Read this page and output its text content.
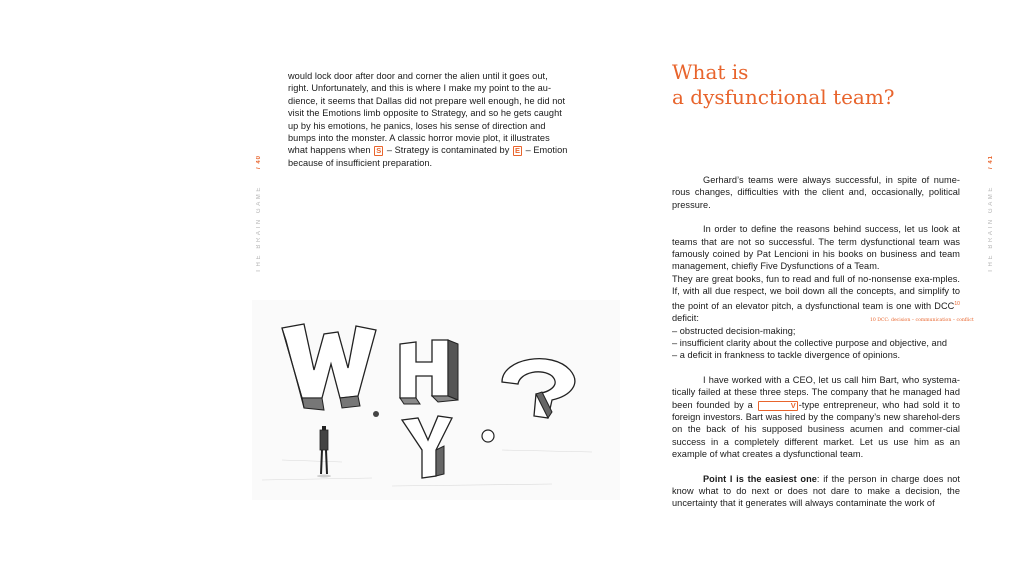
THE BRAIN GAME
/ 40

would lock door after door and corner the alien until it goes out,

right. Unfortunately, and this is where I make my point to the au-

dience, it seems that Dallas did not prepare well enough, he did not

visit the Emotions limb opposite to Strategy, and so he gets caught

up by his emotions, he panics, loses his sense of direction and

bumps into the monster. A classic horror movie plot, it illustrates

what happens when S – Strategy is contaminated by E – Emotion

because of insufficient preparation.	/ 41
THE BRAIN GAME
What is
a dysfunctional team?

Gerhard’s teams were always successful, in spite of nume-rous changes, difficulties with the client and, occasionally, political pressure.

In order to define the reasons behind success, let us look at teams that are not so successful. The term dysfunctional team was famously coined by Pat Lencioni in his books on business and team management, chiefly Five Dysfunctions of a Team.

They are great books, fun to read and full of no-nonsense exa-mples. If, with all due respect, we boil down all the concepts, and simplify to the point of an elevator pitch, a dysfunctional team is one with DCC$^{10}$ deficit:

– obstructed decision-making;

– insufficient clarity about the collective purpose and objective, and

– a deficit in frankness to tackle divergence of opinions.

I have worked with a CEO, let us call him Bart, who systema-tically failed at these three steps. The company that he managed had been founded by a	V -type entrepreneur, who had sold it to foreign investors. Bart was hired by the company’s new sharehol-ders on the back of his supposed business acumen and commer-cial success in a completely different market. Let us use him as an example of what creates a dysfunctional team.

Point I is the easiest one: if the person in charge does not know what to do next or does not dare to make a decision, the uncertainty that it generates will always contaminate the work of

10 DCC: decision – communication – conflict
